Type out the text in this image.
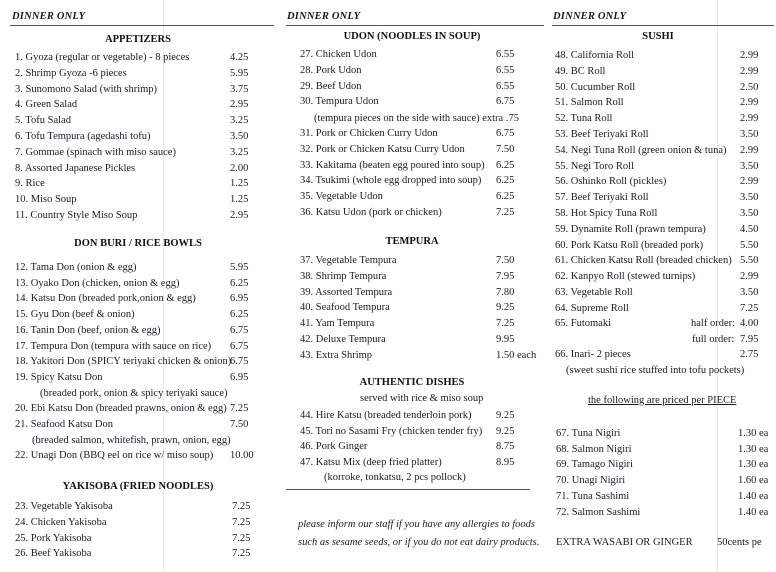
DINNER ONLY
APPETIZERS
1. Gyoza (regular or vegetable) - 8 pieces	4.25
2. Shrimp Gyoza -6 pieces	5.95
3. Sunomono Salad (with shrimp)	3.75
4. Green Salad	2.95
5. Tofu Salad	3.25
6. Tofu Tempura (agedashi tofu)	3.50
7. Gommae (spinach with miso sauce)	3.25
8. Assorted Japanese Pickles	2.00
9. Rice	1.25
10. Miso Soup	1.25
11. Country Style Miso Soup	2.95
DON BURI / RICE BOWLS
12. Tama Don (onion & egg)	5.95
13. Oyako Don (chicken, onion & egg)	6.25
14. Katsu Don (breaded pork,onion & egg)	6.95
15. Gyu Don (beef & onion)	6.25
16. Tanin Don (beef, onion & egg)	6.75
17. Tempura Don (tempura with sauce on rice) 6.75
18. Yakitori Don (SPICY teriyaki chicken & onion)
6.75
19. Spicy Katsu Don	6.95
20. Ebi Katsu Don (breaded prawns, onion & egg) 7.25
21. Seafood Katsu Don	7.50
22. Unagi Don (BBQ eel on rice w/ miso soup) 10.00
(breaded pork, onion & spicy teriyaki sauce)
(breaded salmon, whitefish, prawn, onion, egg)
YAKISOBA (FRIED NOODLES)
23. Vegetable Yakisoba	7.25
24. Chicken Yakisoba	7.25
25. Pork Yakisoba	7.25
26. Beef Yakisoba	7.25
DINNER ONLY
UDON (NOODLES IN SOUP)
27. Chicken Udon	6.55
28. Pork Udon	6.55
29. Beef Udon	6.55
30. Tempura Udon	6.75
31. Pork or Chicken Curry Udon	6.75
32. Pork or Chicken Katsu Curry Udon	7.50
33. Kakitama (beaten egg poured into soup) 6.25
34. Tsukimi (whole egg dropped into soup) 6.25
35. Vegetable Udon	6.25
36. Katsu Udon (pork or chicken)	7.25
(tempura pieces on the side with sauce) extra .75
TEMPURA
37. Vegetable Tempura	7.50
38. Shrimp Tempura	7.95
39. Assorted Tempura	7.80
40. Seafood Tempura	9.25
41. Yam Tempura	7.25
42. Deluxe Tempura	9.95
43. Extra Shrimp	1.50 each
AUTHENTIC DISHES
served with rice & miso soup
44. Hire Katsu (breaded tenderloin pork) 9.25
45. Tori no Sasami Fry (chicken tender fry) 9.25
46. Pork Ginger	8.75
47. Katsu Mix (deep fried platter)	8.95
(korroke, tonkatsu, 2 pcs pollock)
please inform our staff if you have any allergies to foods
such as sesame seeds, or if you do not eat dairy products.
DINNER ONLY
SUSHI
48. California Roll	2.99
49. BC Roll	2.99
50. Cucumber Roll	2.50
51. Salmon Roll	2.99
52. Tuna Roll	2.99
53. Beef Teriyaki Roll	3.50
54. Negi Tuna Roll (green onion & tuna) 2.99
55. Negi Toro Roll	3.50
56. Oshinko Roll (pickles)	2.99
57. Beef Teriyaki Roll	3.50
58. Hot Spicy Tuna Roll	3.50
59. Dynamite Roll (prawn tempura)	4.50
60. Pork Katsu Roll (breaded pork)	5.50
61. Chicken Katsu Roll (breaded chicken) 5.50
62. Kanpyo Roll (stewed turnips)	2.99
63. Vegetable Roll	3.50
64. Supreme Roll	7.25
65. Futomaki	half order: 4.00
full order: 7.95
66. Inari- 2 pieces	2.75
(sweet sushi rice stuffed into tofu pockets)
the following are priced per PIECE
67. Tuna Nigiri	1.30 ea
68. Salmon Nigiri	1.30 ea
69. Tamago Nigiri	1.30 ea
70. Unagi Nigiri	1.60 ea
71. Tuna Sashimi	1.40 ea
72. Salmon Sashimi	1.40 ea
EXTRA WASABI OR GINGER 50cents pe
